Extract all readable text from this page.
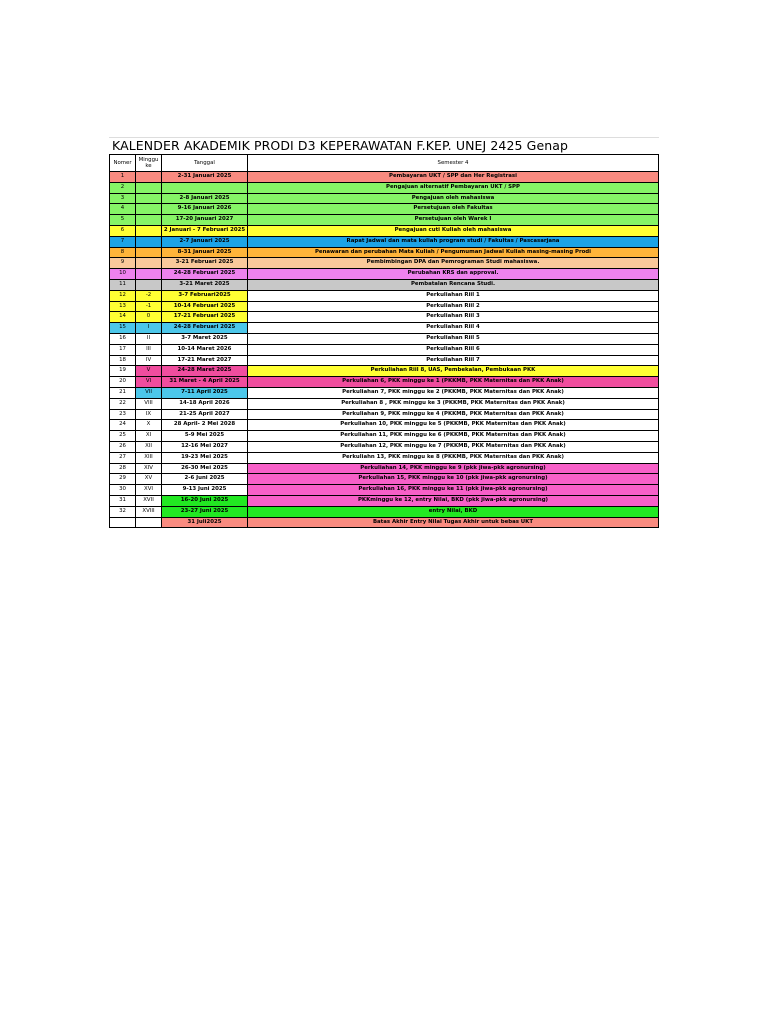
KALENDER AKADEMIK PRODI D3 KEPERAWATAN F.KEP. UNEJ 2425 Genap
Nomer	Minggu ke	Tanggal	Semester 4
1		2-31 Januari 2025	Pembayaran UKT / SPP dan Her Registrasi
2			Pengajuan alternatif Pembayaran UKT / SPP
3		2-8 Januari 2025	Pengajuan oleh mahasiswa
4		9-16 Januari 2026	Persetujuan oleh Fakultas
5		17-20 Januari 2027	Persetujuan oleh Warek I
6		2 Januari - 7 Februari 2025	Pengajuan cuti Kuliah oleh mahasiswa
7		2-7 Januari 2025	Rapat Jadwal dan mata kuliah program studi / Fakultas / Pascasarjana
8		8-31 Januari 2025	Penawaran dan perubahan Mata Kuliah / Pengumuman Jadwal Kuliah masing-masing Prodi
9		3-21 Februari 2025	Pembimbingan DPA dan Pemrograman Studi mahasiswa.
10		24-28 Februari 2025	Perubahan KRS dan approval.
11		3-21 Maret 2025	Pembatalan Rencana Studi.
12	-2	3-7 Februari2025	Perkuliahan Riil 1
13	-1	10-14 Februari 2025	Perkuliahan Riil 2
14	0	17-21 Februari 2025	Perkuliahan Riil 3
15	I	24-28 Februari 2025	Perkuliahan Riil 4
16	II	3-7 Maret 2025	Perkuliahan Riil 5
17	III	10-14 Maret 2026	Perkuliahan Riil 6
18	IV	17-21 Maret 2027	Perkuliahan Riil 7
19	V	24-28 Maret 2025	Perkuliahan Riil 8, UAS, Pembekalan, Pembukaan PKK
20	VI	31 Maret - 4 April 2025	Perkuliahan 6, PKK minggu ke 1 (PKKMB, PKK Maternitas dan PKK Anak)
21	VII	7-11 April 2025	Perkuliahan 7, PKK minggu ke 2 (PKKMB, PKK Maternitas dan PKK Anak)
22	VIII	14-18 April 2026	Perkuliahan 8 , PKK minggu ke 3 (PKKMB, PKK Maternitas dan PKK Anak)
23	IX	21-25 April 2027	Perkuliahan 9, PKK minggu ke 4 (PKKMB, PKK Maternitas dan PKK Anak)
24	X	28 April- 2 Mei 2028	Perkuliahan 10, PKK minggu ke 5 (PKKMB, PKK Maternitas dan PKK Anak)
25	XI	5-9 Mei 2025	Perkuliahan 11, PKK minggu ke 6 (PKKMB, PKK Maternitas dan PKK Anak)
26	XII	12-16 Mei 2027	Perkuliahan 12, PKK minggu ke 7 (PKKMB, PKK Maternitas dan PKK Anak)
27	XIII	19-23 Mei 2025	Perkuliahn 13, PKK minggu ke 8 (PKKMB, PKK Maternitas dan PKK Anak)
28	XIV	26-30 Mei 2025	Perkuliahan 14, PKK minggu ke 9 (pkk jiwa-pkk agronursing)
29	XV	2-6 Juni 2025	Perkuliahan 15, PKK minggu ke 10 (pkk jiwa-pkk agronursing)
30	XVI	9-13 Juni 2025	Perkuliahan 16, PKK minggu ke 11 (pkk jiwa-pkk agronursing)
31	XVII	16-20 Juni 2025	PKKminggu ke 12, entry Nilai, BKD (pkk jiwa-pkk agronursing)
32	XVIII	23-27 Juni 2025	entry Nilai, BKD
		31 Juli2025	Batas Akhir Entry Nilai Tugas Akhir untuk bebas UKT
